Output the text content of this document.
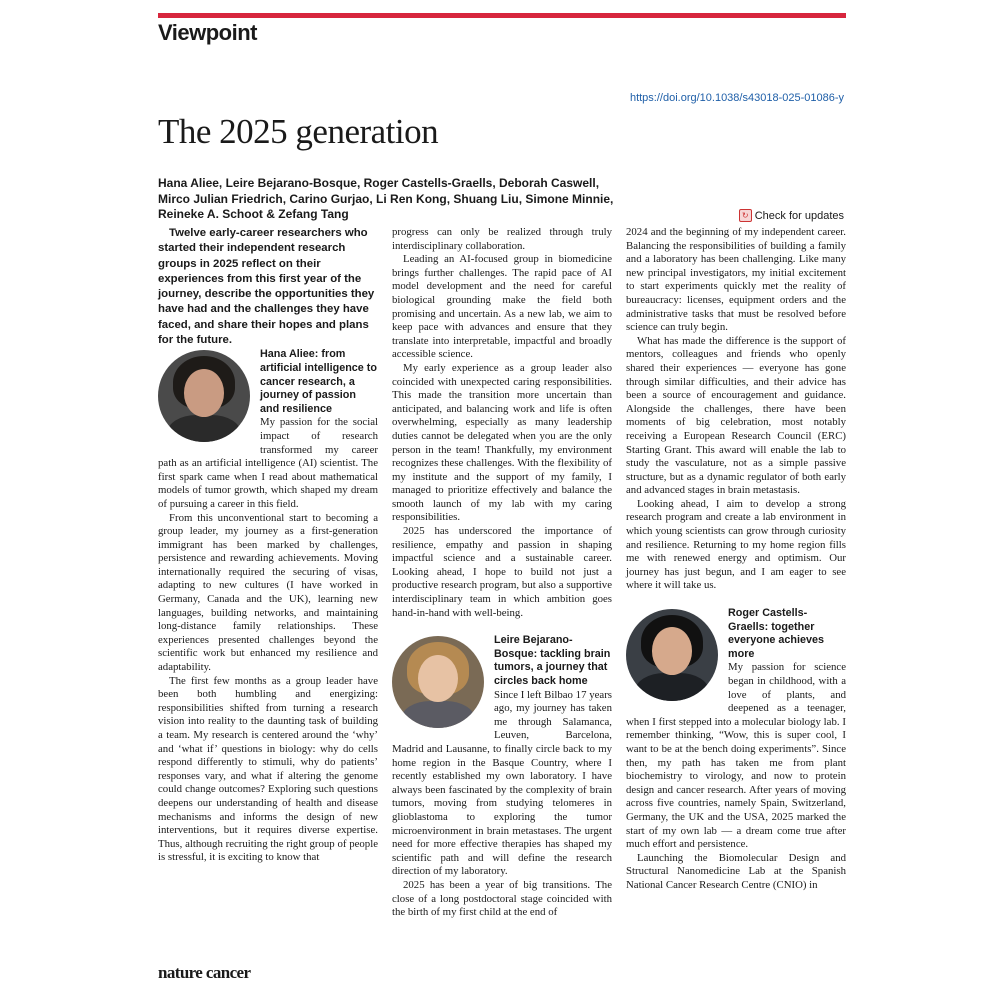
Viewpoint
https://doi.org/10.1038/s43018-025-01086-y
The 2025 generation
Hana Aliee, Leire Bejarano-Bosque, Roger Castells-Graells, Deborah Caswell,
Mirco Julian Friedrich, Carino Gurjao, Li Ren Kong, Shuang Liu, Simone Minnie,
Reineke A. Schoot & Zefang Tang	↻ Check for updates

Twelve early-career researchers who started their independent research groups in 2025 reflect on their experiences from this first year of the journey, describe the opportunities they have had and the challenges they have faced, and share their hopes and plans for the future.

Hana Aliee: from artificial intelligence to cancer research, a journey of passion and resilience
My passion for the social impact of research transformed my career path as an artificial intelligence (AI) scientist. The first spark came when I read about mathematical models of tumor growth, which shaped my dream of pursuing a career in this field.

From this unconventional start to becoming a group leader, my journey as a first-generation immigrant has been marked by challenges, persistence and rewarding achievements. Moving internationally required the securing of visas, adapting to new cultures (I have worked in Germany, Canada and the UK), learning new languages, building networks, and maintaining long-distance family relationships. These experiences presented challenges beyond the scientific work but enhanced my resilience and adaptability.

The first few months as a group leader have been both humbling and energizing: responsibilities shifted from turning a research vision into reality to the daunting task of building a team. My research is centered around the ‘why’ and ‘what if’ questions in biology: why do cells respond differently to stimuli, why do patients’ responses vary, and what if altering the genome could change outcomes? Exploring such questions deepens our understanding of health and disease mechanisms and informs the design of new interventions, but it requires diverse expertise. Thus, although recruiting the right group of people is stressful, it is exciting to know that

progress can only be realized through truly interdisciplinary collaboration.

Leading an AI-focused group in biomedicine brings further challenges. The rapid pace of AI model development and the need for careful biological grounding make the field both promising and uncertain. As a new lab, we aim to keep pace with advances and ensure that they translate into interpretable, impactful and broadly accessible science.

My early experience as a group leader also coincided with unexpected caring responsibilities. This made the transition more uncertain than anticipated, and balancing work and life is often overwhelming, especially as many leadership duties cannot be delegated when you are the only person in the team! Thankfully, my environment recognizes these challenges. With the flexibility of my institute and the support of my family, I managed to prioritize effectively and balance the smooth launch of my lab with my caring responsibilities.

2025 has underscored the importance of resilience, empathy and passion in shaping impactful science and a sustainable career. Looking ahead, I hope to build not just a productive research program, but also a supportive interdisciplinary team in which ambition goes hand-in-hand with well-being.

Leire Bejarano-Bosque: tackling brain tumors, a journey that circles back home
Since I left Bilbao 17 years ago, my journey has taken me through Salamanca, Leuven, Barcelona, Madrid and Lausanne, to finally circle back to my home region in the Basque Country, where I recently established my own laboratory. I have always been fascinated by the complexity of brain tumors, moving from studying telomeres in glioblastoma to exploring the tumor microenvironment in brain metastases. The urgent need for more effective therapies has shaped my scientific path and will define the research direction of my laboratory.

2025 has been a year of big transitions. The close of a long postdoctoral stage coincided with the birth of my first child at the end of

2024 and the beginning of my independent career. Balancing the responsibilities of building a family and a laboratory has been challenging. Like many new principal investigators, my initial excitement to start experiments quickly met the reality of bureaucracy: licenses, equipment orders and the administrative tasks that must be resolved before science can truly begin.

What has made the difference is the support of mentors, colleagues and friends who openly shared their experiences — everyone has gone through similar difficulties, and their advice has been a source of encouragement and guidance. Alongside the challenges, there have been moments of big celebration, most notably receiving a European Research Council (ERC) Starting Grant. This award will enable the lab to study the vasculature, not as a simple passive structure, but as a dynamic regulator of both early and advanced stages in brain metastasis.

Looking ahead, I aim to develop a strong research program and create a lab environment in which young scientists can grow through curiosity and resilience. Returning to my home region fills me with renewed energy and optimism. Our journey has just begun, and I am eager to see where it will take us.

Roger Castells-Graells: together everyone achieves more
My passion for science began in childhood, with a love of plants, and deepened as a teenager, when I first stepped into a molecular biology lab. I remember thinking, “Wow, this is super cool, I want to be at the bench doing experiments”. Since then, my path has taken me from plant biochemistry to virology, and now to protein design and cancer research. After years of moving across five countries, namely Spain, Switzerland, Germany, the UK and the USA, 2025 marked the start of my own lab — a dream come true after much effort and persistence.

Launching the Biomolecular Design and Structural Nanomedicine Lab at the Spanish National Cancer Research Centre (CNIO) in

nature cancer
